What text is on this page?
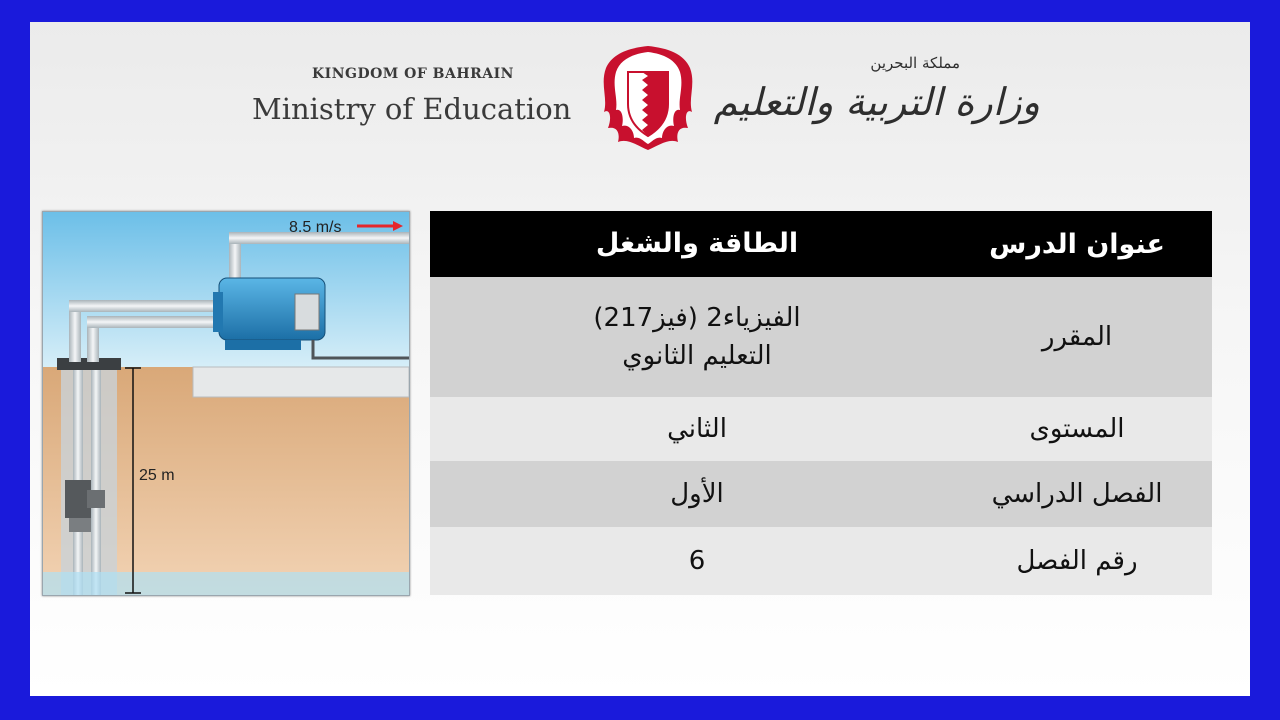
KINGDOM OF BAHRAIN
Ministry of Education
مملكة البحرين
وزارة التربية والتعليم
8.5 m/s
25 m
عنوان الدرس
الطاقة والشغل
المقرر
الفيزياء2 (فيز217)
التعليم الثانوي
المستوى
الثاني
الفصل الدراسي
الأول
رقم الفصل
6
